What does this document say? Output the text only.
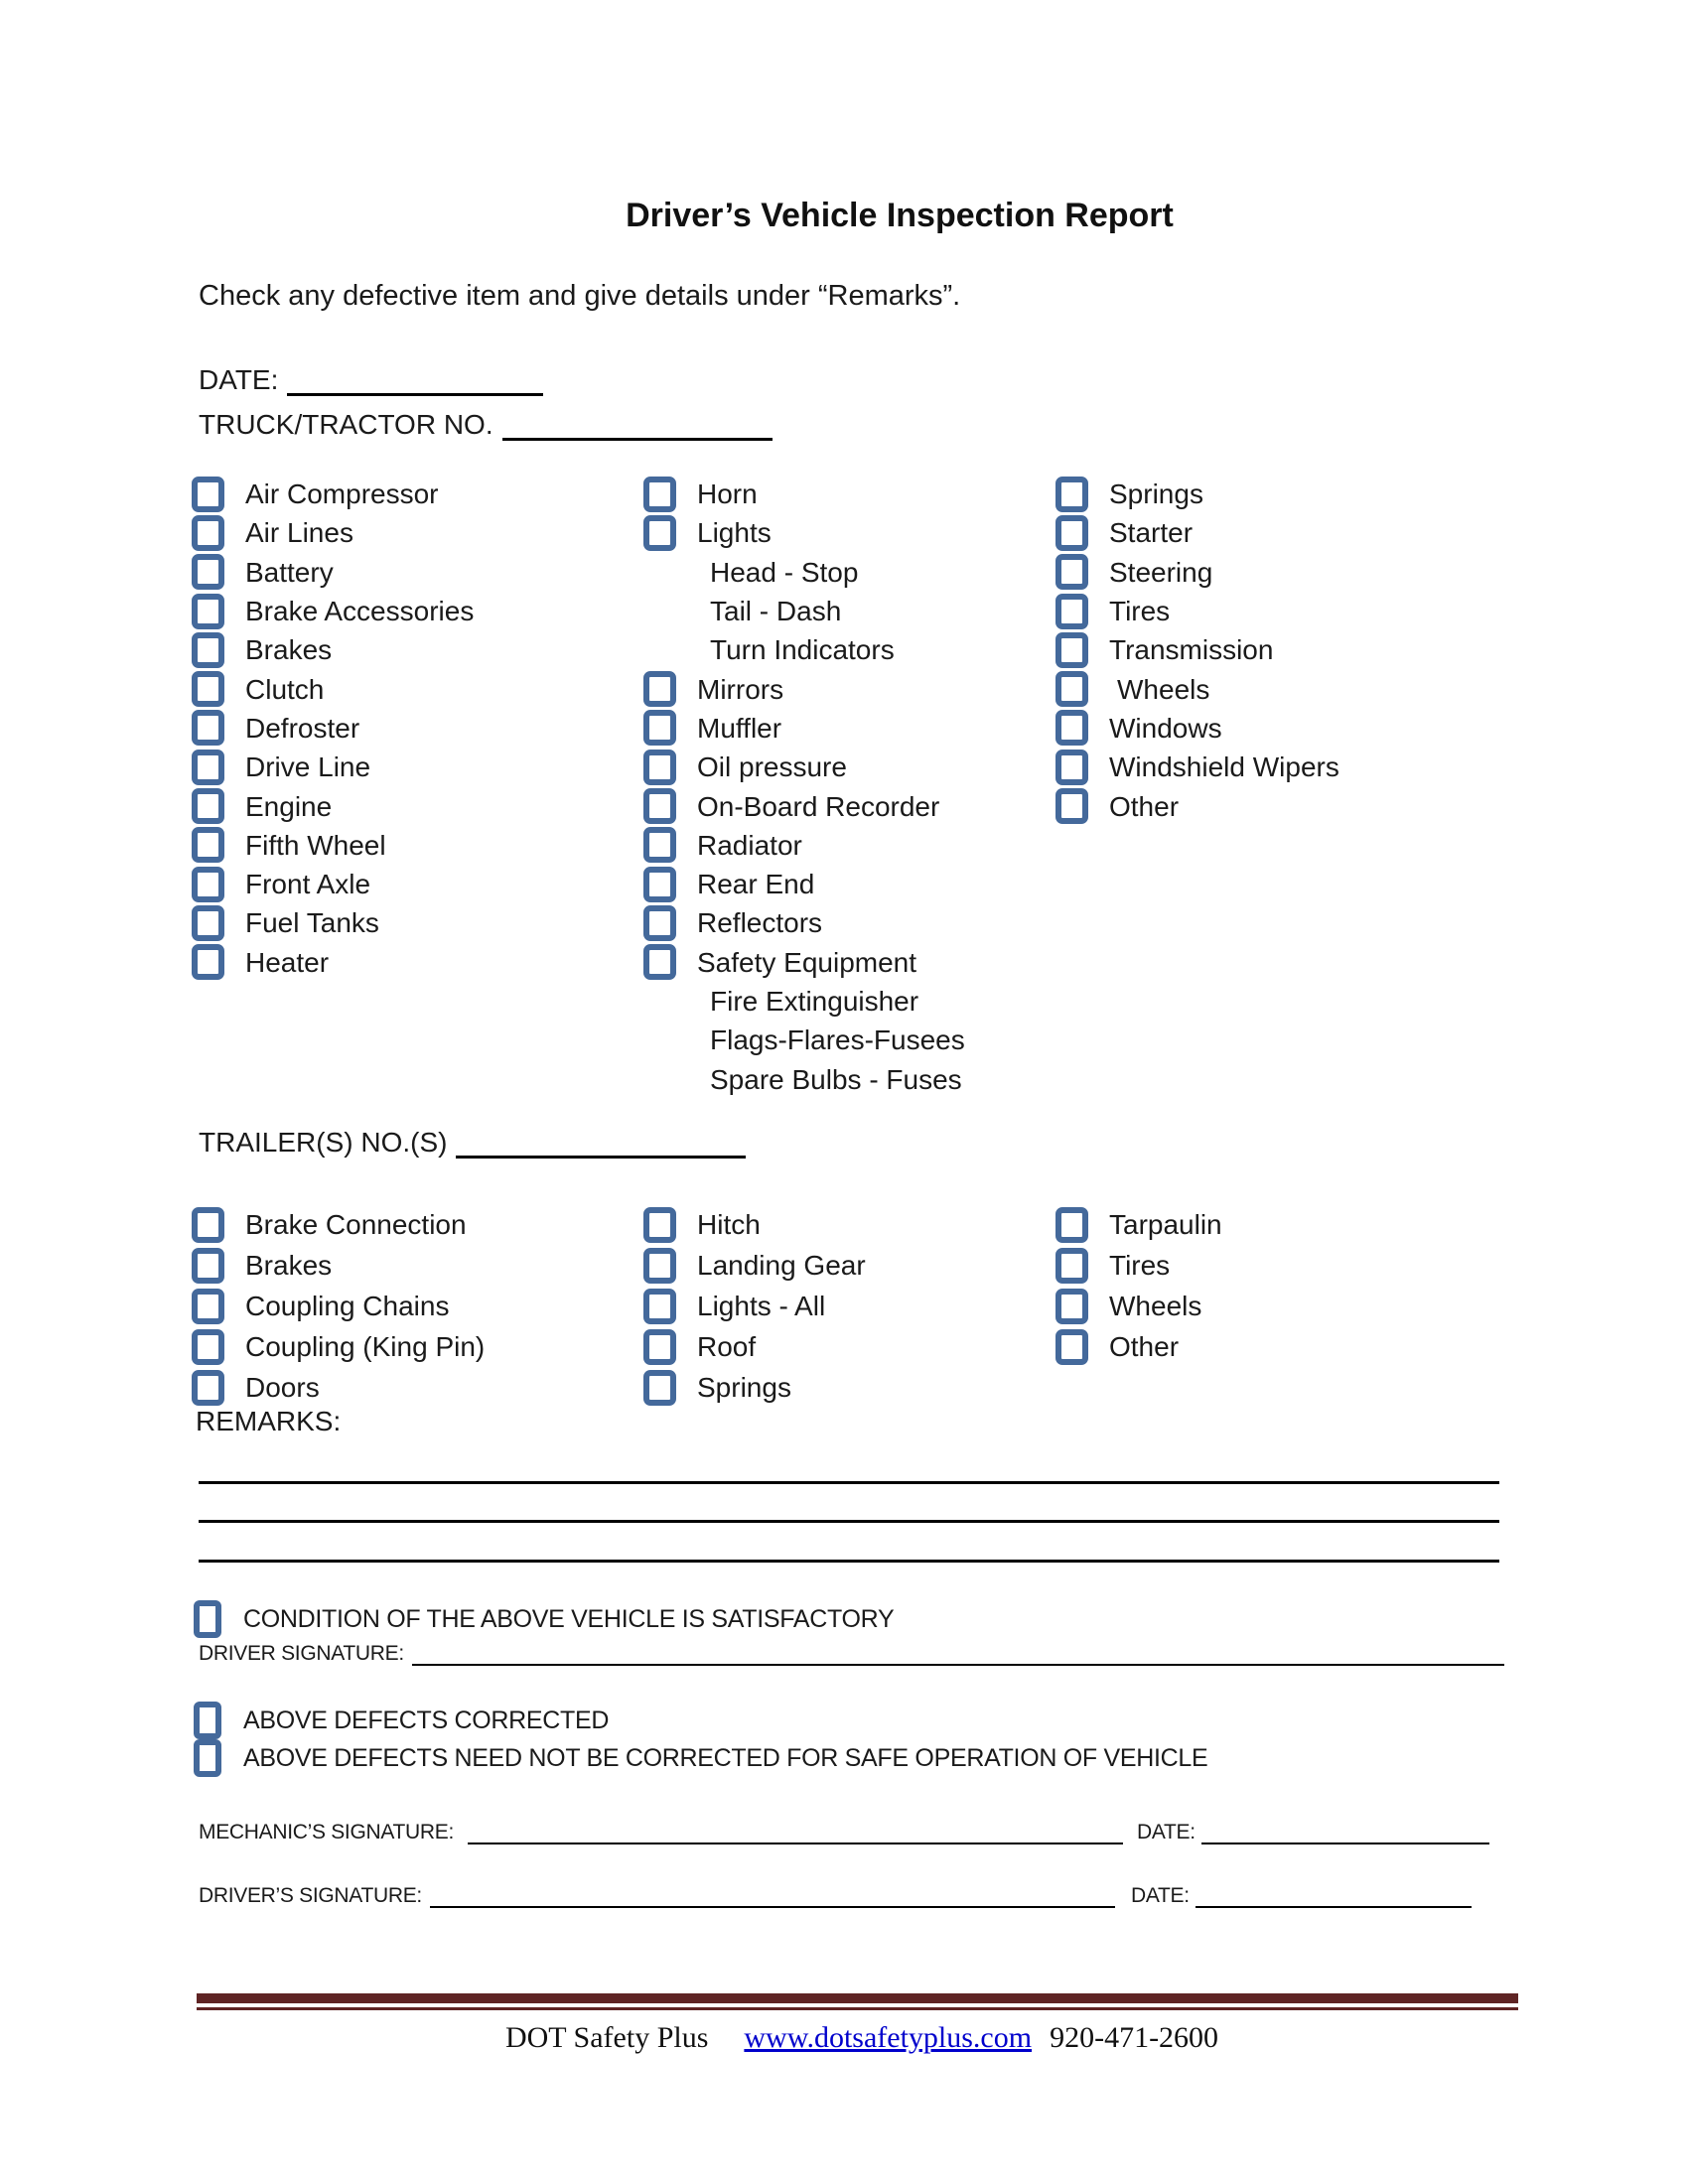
Driver’s Vehicle Inspection Report
Check any defective item and give details under “Remarks”.
DATE:
TRUCK/TRACTOR NO.
Air Compressor
Air Lines
Battery
Brake Accessories
Brakes
Clutch
Defroster
Drive Line
Engine
Fifth Wheel
Front Axle
Fuel Tanks
Heater
Horn
Lights
Head - Stop
Tail - Dash
Turn Indicators
Mirrors
Muffler
Oil pressure
On-Board Recorder
Radiator
Rear End
Reflectors
Safety Equipment
Fire Extinguisher
Flags-Flares-Fusees
Spare Bulbs - Fuses
Springs
Starter
Steering
Tires
Transmission
Wheels
Windows
Windshield Wipers
Other
TRAILER(S) NO.(S)
Brake Connection
Brakes
Coupling Chains
Coupling (King Pin)
Doors
Hitch
Landing Gear
Lights - All
Roof
Springs
Tarpaulin
Tires
Wheels
Other
REMARKS:
CONDITION OF THE ABOVE VEHICLE IS SATISFACTORY
DRIVER SIGNATURE:
ABOVE DEFECTS CORRECTED
ABOVE DEFECTS NEED NOT BE CORRECTED FOR SAFE OPERATION OF VEHICLE
MECHANIC’S SIGNATURE:	DATE:
DRIVER’S SIGNATURE:	DATE:
DOT Safety Plus www.dotsafetyplus.com 920-471-2600
